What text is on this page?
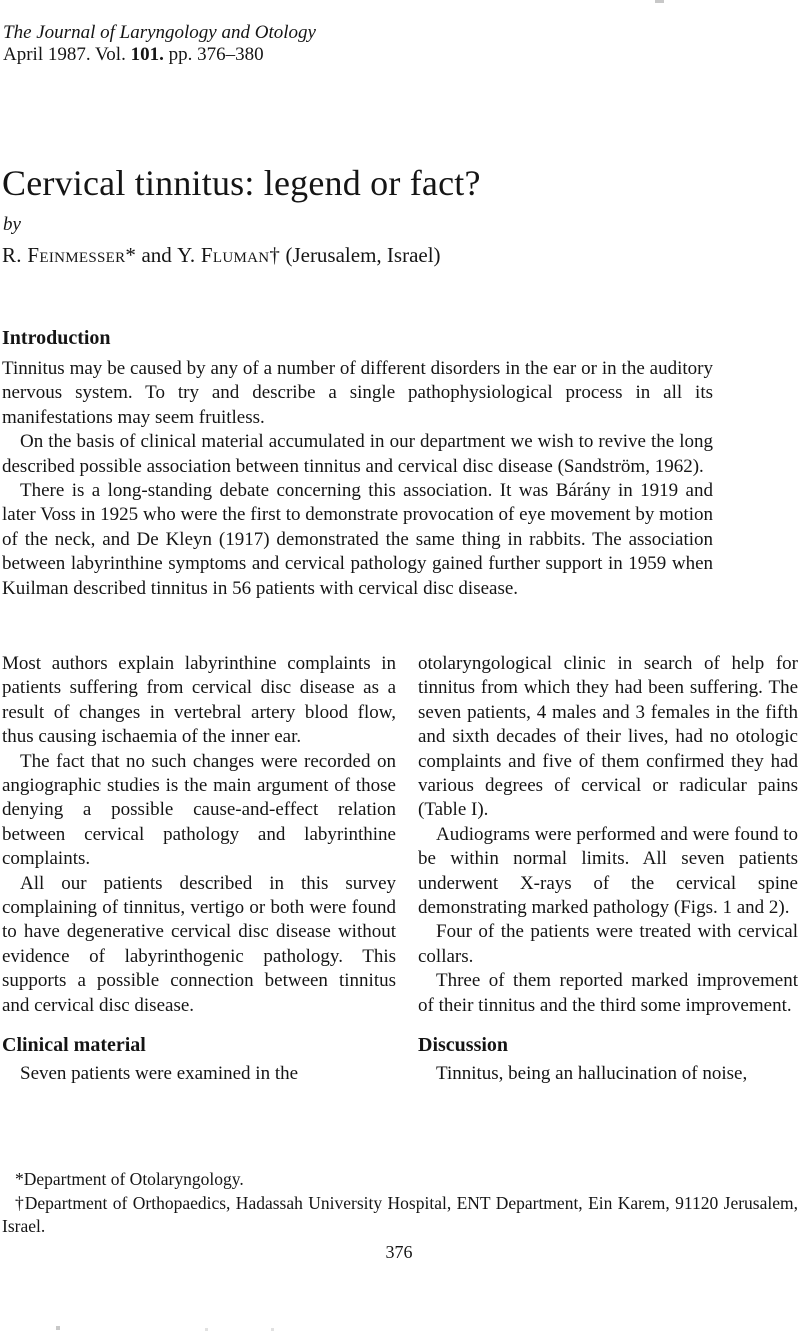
The Journal of Laryngology and Otology
April 1987. Vol. 101. pp. 376–380
Cervical tinnitus: legend or fact?
by
R. Feinmesser* and Y. Fluman† (Jerusalem, Israel)
Introduction

Tinnitus may be caused by any of a number of different disorders in the ear or in the auditory nervous system. To try and describe a single pathophysiological process in all its manifestations may seem fruitless.

On the basis of clinical material accumulated in our department we wish to revive the long described possible association between tinnitus and cervical disc disease (Sandström, 1962).

There is a long-standing debate concerning this association. It was Bárány in 1919 and later Voss in 1925 who were the first to demonstrate provocation of eye movement by motion of the neck, and De Kleyn (1917) demonstrated the same thing in rabbits. The association between labyrinthine symptoms and cervical pathology gained further support in 1959 when Kuilman described tinnitus in 56 patients with cervical disc disease.

Most authors explain labyrinthine complaints in patients suffering from cervical disc disease as a result of changes in vertebral artery blood flow, thus causing ischaemia of the inner ear.

The fact that no such changes were recorded on angiographic studies is the main argument of those denying a possible cause-and-effect relation between cervical pathology and labyrinthine complaints.

All our patients described in this survey complaining of tinnitus, vertigo or both were found to have degenerative cervical disc disease without evidence of labyrinthogenic pathology. This supports a possible connection between tinnitus and cervical disc disease.

Clinical material

Seven patients were examined in the

otolaryngological clinic in search of help for tinnitus from which they had been suffering. The seven patients, 4 males and 3 females in the fifth and sixth decades of their lives, had no otologic complaints and five of them confirmed they had various degrees of cervical or radicular pains (Table I).

Audiograms were performed and were found to be within normal limits. All seven patients underwent X-rays of the cervical spine demonstrating marked pathology (Figs. 1 and 2).

Four of the patients were treated with cervical collars.

Three of them reported marked improvement of their tinnitus and the third some improvement.

Discussion

Tinnitus, being an hallucination of noise,

*Department of Otolaryngology.

†Department of Orthopaedics, Hadassah University Hospital, ENT Department, Ein Karem, 91120 Jerusalem, Israel.

376
